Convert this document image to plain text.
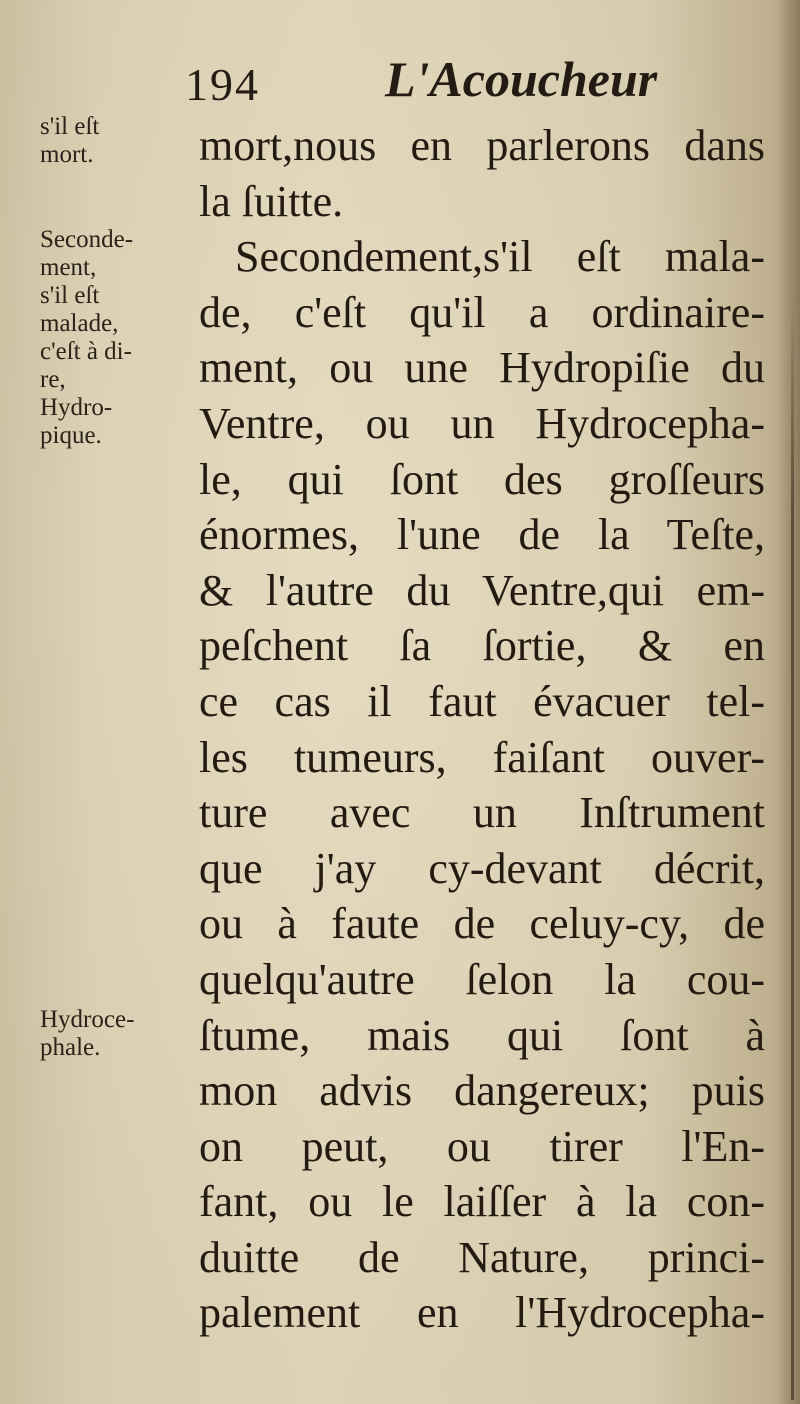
194	L'Acoucheur
s'il eſt
mort.
Seconde-
ment,
s'il eſt
malade,
c'eſt à di-
re,
Hydro-
pique.
Hydroce-
phale.
mort,nous en parlerons dans
la ſuitte.
Secondement,s'il eſt mala-
de, c'eſt qu'il a ordinaire-
ment, ou une Hydropiſie du
Ventre, ou un Hydrocepha-
le, qui ſont des groſſeurs
énormes, l'une de la Teſte,
& l'autre du Ventre,qui em-
peſchent ſa ſortie, & en
ce cas il faut évacuer tel-
les tumeurs, faiſant ouver-
ture avec un Inſtrument
que j'ay cy-devant décrit,
ou à faute de celuy-cy, de
quelqu'autre ſelon la cou-
ſtume, mais qui ſont à
mon advis dangereux; puis
on peut, ou tirer l'En-
fant, ou le laiſſer à la con-
duitte de Nature, princi-
palement en l'Hydrocepha-
